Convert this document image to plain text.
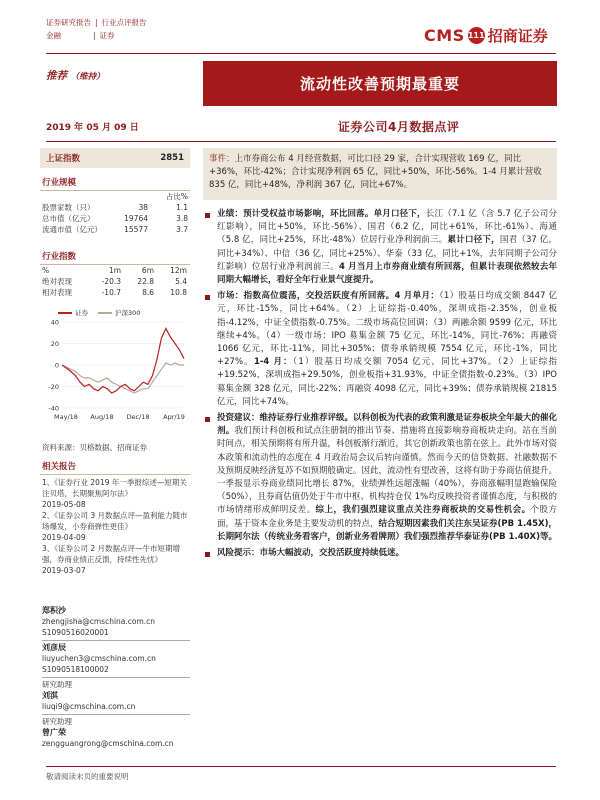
证券研究报告 | 行业点评报告
金融	| 证券	CMS 111 招商证券
推荐 （维持）	流动性改善预期最重要
2019 年 05 月 09 日	证券公司4月数据点评
上证指数	2851
行业规模
占比%
股票家数（只）	38	1.1
总市值（亿元）	19764	3.8
流通市值（亿元）	15577	3.7
行业指数
%	1m	6m	12m
绝对表现	-20.3	22.8	5.4
相对表现	-10.7	8.6	10.8
-40
-20
0
20
40
May/18 Aug/18 Dec/18 Apr/19
证券	沪深300
资料来源：贝格数据、招商证券
相关报告
1、《证券行业 2019 年一季报综述—短期关注贝塔，长期聚焦阿尔法》
2019-05-08
2、《证券公司 3 月数据点评—盈利能力随市场爆发，小券商弹性更佳》
2019-04-09
3、《证券公司 2 月数据点评—牛市短期增强，券商业绩正反馈，持续性先忧》
2019-03-07
郑积沙
zhengjisha@cmschina.com.cn
S1090516020001
刘彦辰
liuyuchen3@cmschina.com.cn
S1090518100002
研究助理
刘淇
liuqi9@cmschina.com.cn
研究助理
曾广荣
zengguangrong@cmschina.com.cn
事件：上市券商公布 4 月经营数据，可比口径 29 家，合计实现营收 169 亿，同比+36%，环比-42%；合计实现净利润 65 亿，同比+50%，环比-56%。1-4 月累计营收 835 亿，同比+48%，净利润 367 亿，同比+67%。
业绩：预计受权益市场影响，环比回落。单月口径下，长江（7.1 亿（含 5.7 亿子公司分红影响），同比+50%，环比-56%）、国君（6.2 亿，同比+61%，环比-61%）、海通（5.8 亿，同比+25%，环比-48%）位居行业净利润前三。累计口径下，国君（37 亿，同比+34%）、中信（36 亿，同比+25%）、华泰（33 亿，同比+1%，去年同期子公司分红影响）位居行业净利润前三。4 月当月上市券商业绩有所回落，但累计表现依然较去年同期大幅增长，看好全年行业景气度提升。
市场：指数高位震荡，交投活跃度有所回落。4 月单月：（1）股基日均成交额 8447 亿元，环比-15%，同比+64%。（2）上证综指-0.40%，深圳成指-2.35%，创业板指-4.12%，中证全债指数-0.75%。二级市场高位回调；（3）两融余额 9599 亿元，环比继续+4%。（4）一级市场：IPO 募集金额 75 亿元，环比-14%，同比-76%；再融资 1066 亿元，环比-11%，同比+305%；债券承销规模 7554 亿元，环比-1%，同比+27%。1-4 月：（1）股基日均成交额 7054 亿元，同比+37%。（2）上证综指+19.52%，深圳成指+29.50%，创业板指+31.93%，中证全债指数-0.23%。（3）IPO 募集金额 328 亿元，同比-22%；再融资 4098 亿元，同比+39%；债券承销规模 21815 亿元，同比+74%。
投资建议：维持证券行业推荐评级。以科创板为代表的政策利激是证券板块全年最大的催化剂。我们预计科创板和试点注册制的推出节奏、措施将直接影响券商板块走向。站在当前时间点，相关预期将有所升温，科创板渐行渐近，其它创新政策也箭在弦上。此外市场对资本政策和流动性的态度在 4 月政治局会议后转向谨慎。然而今天的信贷数据、社融数据不及预期反映经济复苏不如预期般确定。因此，流动性有望改善，这将有助于券商估值提升。一季报显示券商业绩同比增长 87%，业绩弹性远超涨幅（40%），券商涨幅明显跑输保险（50%），且券商估值仍处于牛市中枢、机构持仓仅 1%均反映投资者谨慎态度，与积极的市场情绪形成鲜明反差。综上，我们强烈建议重点关注券商板块的交易性机会。个股方面，基于资本金业务是主要发动机的特点，结合短期因素我们关注东吴证券(PB 1.45X)，长期阿尔法（传统业务看客户，创新业务看牌照）我们强烈推荐华泰证券(PB 1.40X)等。
风险提示：市场大幅波动，交投活跃度持续低迷。
敬请阅读末页的重要说明
